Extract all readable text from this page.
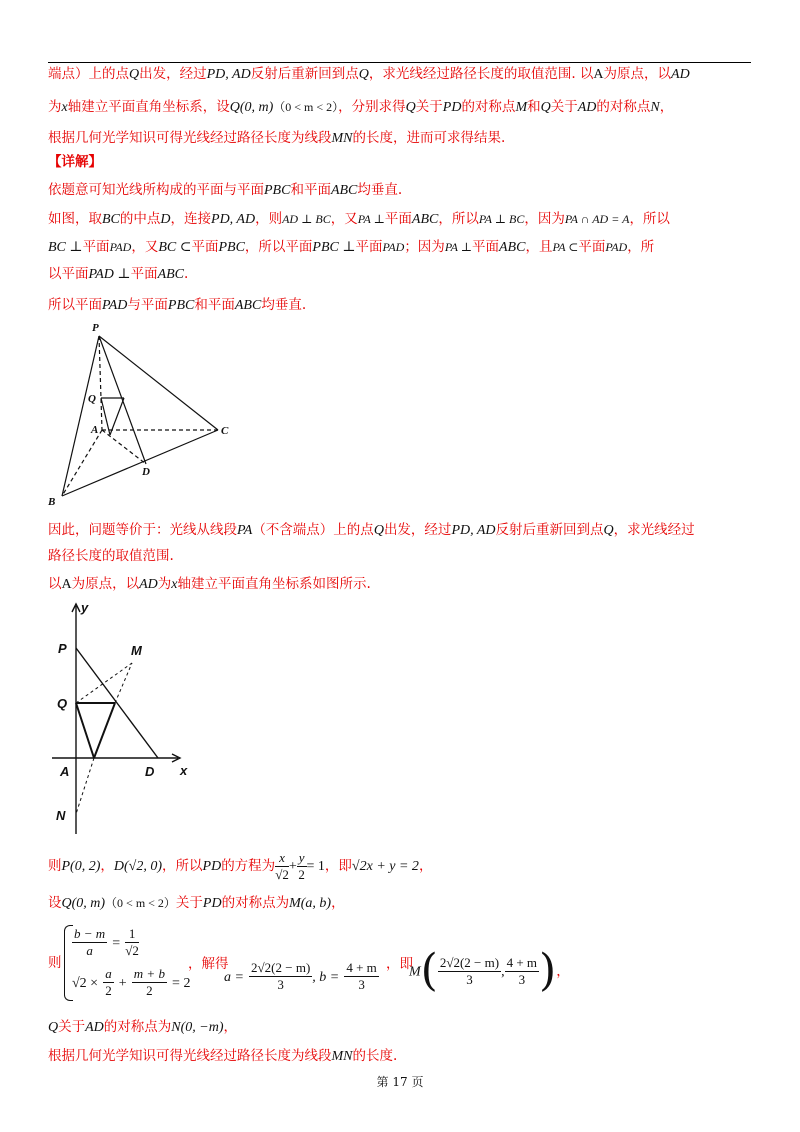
端点）上的点Q出发，经过PD, AD反射后重新回到点Q，求光线经过路径长度的取值范围. 以A为原点，以AD
为x轴建立平面直角坐标系，设Q(0, m)（0 < m < 2），分别求得Q关于PD的对称点M和Q关于AD的对称点N，
根据几何光学知识可得光线经过路径长度为线段MN的长度，进而可求得结果.
【详解】
依题意可知光线所构成的平面与平面PBC和平面ABC均垂直.
如图，取BC的中点D，连接PD, AD，则AD ⊥ BC，又PA ⊥平面ABC，所以PA ⊥ BC，因为PA ∩ AD = A，所以
BC ⊥平面PAD，又BC ⊂平面PBC，所以平面PBC ⊥平面PAD；因为PA ⊥平面ABC，且PA ⊂平面PAD，所
以平面PAD ⊥平面ABC.
所以平面PAD与平面PBC和平面ABC均垂直.
P
Q
A	C
D
B
因此，问题等价于：光线从线段PA（不含端点）上的点Q出发，经过PD, AD反射后重新回到点Q，求光线经过
路径长度的取值范围.
以A为原点，以AD为x轴建立平面直角坐标系如图所示.
y
P	M
Q
A	D x
N
则P(0, 2)，D(√2, 0)，所以PD的方程为 $\frac{x}{√2} + \frac{y}{2} = 1$，即√2x + y = 2，
设Q(0, m)（0 < m < 2）关于PD的对称点为M(a, b)，
则
$\frac{b - m}{a} = \frac{1}{√2}$
$√2 \times \frac{a}{2} + \frac{m + b}{2} = 2$
，解得
$a = \frac{2√2(2 - m)}{3}$ , $b = \frac{4 + m}{3}$ ，即
$M( \frac{2√2(2 - m)}{3}$ , $\frac{4 + m}{3}$ )，
Q关于AD的对称点为N(0, −m)，
根据几何光学知识可得光线经过路径长度为线段MN的长度.
第 17 页
